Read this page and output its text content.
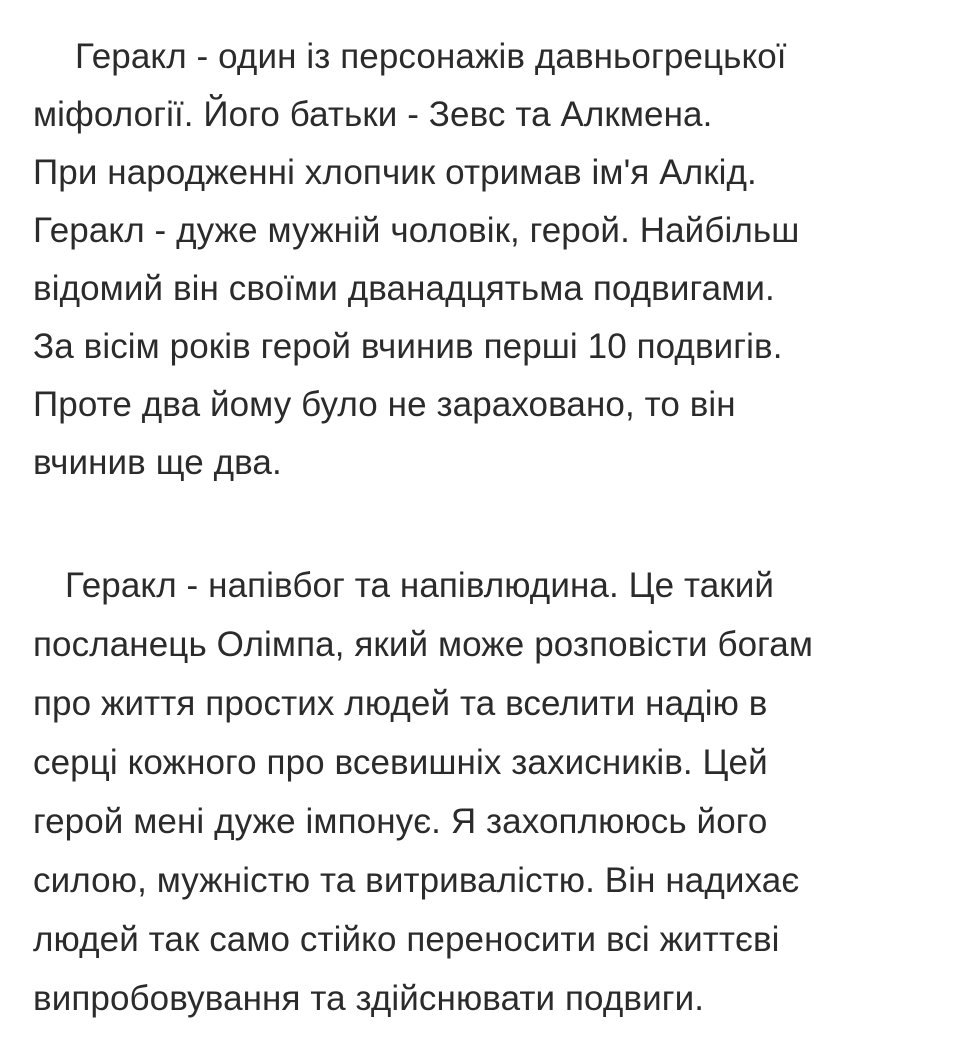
Геракл - один із персонажів давньогрецької
міфології. Його батьки - Зевс та Алкмена.
При народженні хлопчик отримав ім'я Алкід.
Геракл - дуже мужній чоловік, герой. Найбільш
відомий він своїми дванадцятьма подвигами.
За вісім років герой вчинив перші 10 подвигів.
Проте два йому було не зараховано, то він
вчинив ще два.
Геракл - напівбог та напівлюдина. Це такий
посланець Олімпа, який може розповісти богам
про життя простих людей та вселити надію в
серці кожного про всевишніх захисників. Цей
герой мені дуже імпонує. Я захоплююсь його
силою, мужністю та витривалістю. Він надихає
людей так само стійко переносити всі життєві
випробовування та здійснювати подвиги.
